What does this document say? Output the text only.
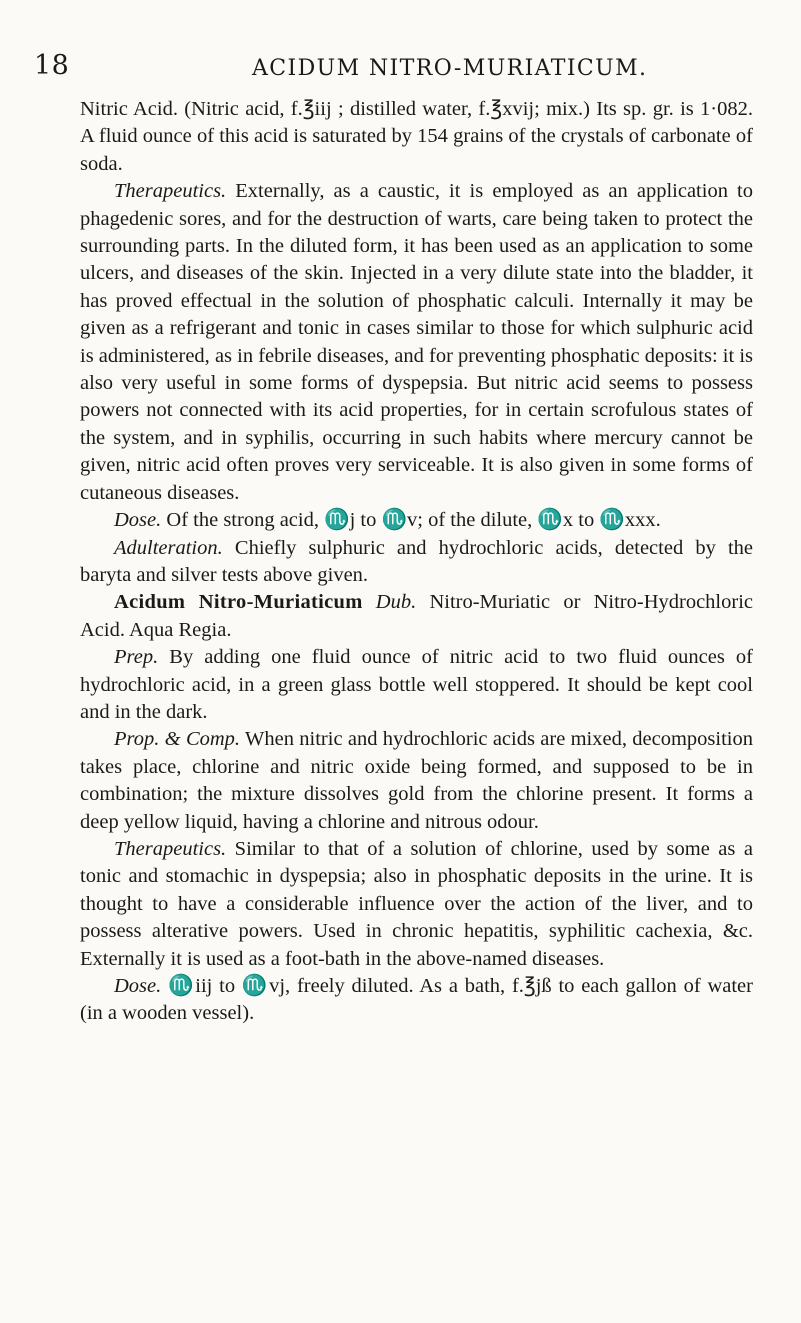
18	ACIDUM NITRO-MURIATICUM.

Nitric Acid. (Nitric acid, f.℥iij ; distilled water, f.℥xvij; mix.) Its sp. gr. is 1·082. A fluid ounce of this acid is saturated by 154 grains of the crystals of carbonate of soda.

Therapeutics. Externally, as a caustic, it is employed as an application to phagedenic sores, and for the destruction of warts, care being taken to protect the surrounding parts. In the diluted form, it has been used as an application to some ulcers, and diseases of the skin. Injected in a very dilute state into the bladder, it has proved effectual in the solution of phosphatic calculi. Internally it may be given as a refrigerant and tonic in cases similar to those for which sulphuric acid is administered, as in febrile diseases, and for preventing phosphatic deposits: it is also very useful in some forms of dyspepsia. But nitric acid seems to possess powers not connected with its acid properties, for in certain scrofulous states of the system, and in syphilis, occurring in such habits where mercury cannot be given, nitric acid often proves very serviceable. It is also given in some forms of cutaneous diseases.

Dose. Of the strong acid, ♏j to ♏v; of the dilute, ♏x to ♏xxx.

Adulteration. Chiefly sulphuric and hydrochloric acids, detected by the baryta and silver tests above given.

Acidum Nitro-Muriaticum Dub. Nitro-Muriatic or Nitro-Hydrochloric Acid. Aqua Regia.

Prep. By adding one fluid ounce of nitric acid to two fluid ounces of hydrochloric acid, in a green glass bottle well stoppered. It should be kept cool and in the dark.

Prop. & Comp. When nitric and hydrochloric acids are mixed, decomposition takes place, chlorine and nitric oxide being formed, and supposed to be in combination; the mixture dissolves gold from the chlorine present. It forms a deep yellow liquid, having a chlorine and nitrous odour.

Therapeutics. Similar to that of a solution of chlorine, used by some as a tonic and stomachic in dyspepsia; also in phosphatic deposits in the urine. It is thought to have a considerable influence over the action of the liver, and to possess alterative powers. Used in chronic hepatitis, syphilitic cachexia, &c. Externally it is used as a foot-bath in the above-named diseases.

Dose. ♏iij to ♏vj, freely diluted. As a bath, f.℥jß to each gallon of water (in a wooden vessel).
